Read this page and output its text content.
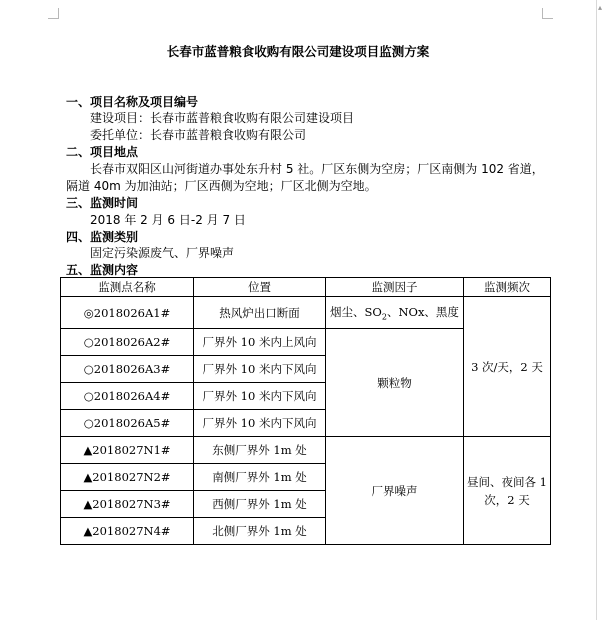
▴
长春市蓝普粮食收购有限公司建设项目监测方案
一、项目名称及项目编号
建设项目：长春市蓝普粮食收购有限公司建设项目
委托单位：长春市蓝普粮食收购有限公司
二、项目地点
长春市双阳区山河街道办事处东升村 5 社。厂区东侧为空房；厂区南侧为 102 省道，
隔道 40m 为加油站；厂区西侧为空地；厂区北侧为空地。
三、监测时间
2018 年 2 月 6 日-2 月 7 日
四、监测类别
固定污染源废气、厂界噪声
五、监测内容
监测点名称	位置	监测因子	监测频次
◎2018026A1#	热风炉出口断面	烟尘、$SO_2$、NOx、黑度	3 次/天，2 天
○2018026A2#	厂界外 10 米内上风向	颗粒物	
○2018026A3#	厂界外 10 米内下风向		
○2018026A4#	厂界外 10 米内下风向		
○2018026A5#	厂界外 10 米内下风向		
▲2018027N1#	东侧厂界外 1m 处	厂界噪声	昼间、夜间各 1 次，2 天
▲2018027N2#	南侧厂界外 1m 处		
▲2018027N3#	西侧厂界外 1m 处		
▲2018027N4#	北侧厂界外 1m 处		
